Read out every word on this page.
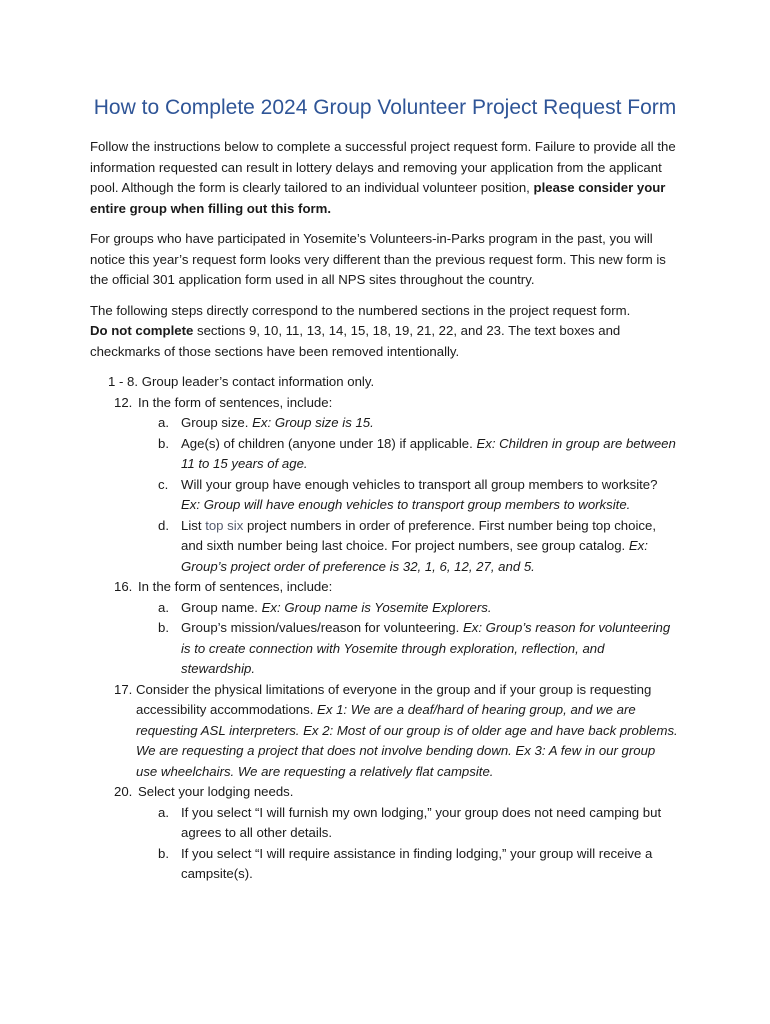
How to Complete 2024 Group Volunteer Project Request Form

Follow the instructions below to complete a successful project request form. Failure to provide all the information requested can result in lottery delays and removing your application from the applicant pool. Although the form is clearly tailored to an individual volunteer position, please consider your entire group when filling out this form.

For groups who have participated in Yosemite’s Volunteers-in-Parks program in the past, you will notice this year’s request form looks very different than the previous request form. This new form is the official 301 application form used in all NPS sites throughout the country.

The following steps directly correspond to the numbered sections in the project request form.
Do not complete sections 9, 10, 11, 13, 14, 15, 18, 19, 21, 22, and 23. The text boxes and checkmarks of those sections have been removed intentionally.

1 - 8. Group leader’s contact information only.
12. In the form of sentences, include:
a. Group size. Ex: Group size is 15.
b. Age(s) of children (anyone under 18) if applicable. Ex: Children in group are between 11 to 15 years of age.
c. Will your group have enough vehicles to transport all group members to worksite? Ex: Group will have enough vehicles to transport group members to worksite.
d. List top six project numbers in order of preference. First number being top choice, and sixth number being last choice. For project numbers, see group catalog. Ex: Group’s project order of preference is 32, 1, 6, 12, 27, and 5.
16. In the form of sentences, include:
a. Group name. Ex: Group name is Yosemite Explorers.
b. Group’s mission/values/reason for volunteering. Ex: Group’s reason for volunteering is to create connection with Yosemite through exploration, reflection, and stewardship.
17. Consider the physical limitations of everyone in the group and if your group is requesting accessibility accommodations. Ex 1: We are a deaf/hard of hearing group, and we are requesting ASL interpreters. Ex 2: Most of our group is of older age and have back problems. We are requesting a project that does not involve bending down. Ex 3: A few in our group use wheelchairs. We are requesting a relatively flat campsite.
20. Select your lodging needs.
a. If you select “I will furnish my own lodging,” your group does not need camping but agrees to all other details.
b. If you select “I will require assistance in finding lodging,” your group will receive a campsite(s).
